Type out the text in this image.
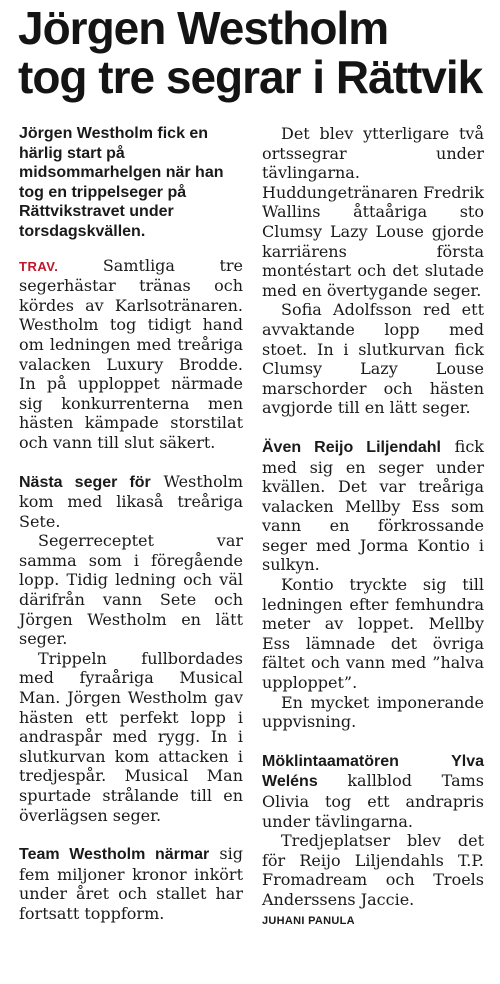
Jörgen Westholm
tog tre segrar i Rättvik

Jörgen Westholm fick en härlig start på midsommarhelgen när han tog en trippelseger på Rättvikstravet under torsdagskvällen.

TRAV.	Samtliga tre segerhästar tränas och kördes av Karlsotränaren. Westholm tog tidigt hand om ledningen med treåriga valacken Luxury Brodde. In på upploppet närmade sig konkurrenterna men hästen kämpade storstilat och vann till slut säkert.

Nästa seger för Westholm kom med likaså treåriga Sete.

Segerreceptet var samma som i föregående lopp. Tidig ledning och väl därifrån vann Sete och Jörgen Westholm en lätt seger.

Trippeln fullbordades med fyraåriga Musical Man. Jörgen Westholm gav hästen ett perfekt lopp i andraspår med rygg. In i slutkurvan kom attacken i tredjespår. Musical Man spurtade strålande till en överlägsen seger.

Team Westholm närmar sig fem miljoner kronor inkört under året och stallet har fortsatt toppform.

Det blev ytterligare två ortssegrar under tävlingarna. Huddungetränaren Fredrik Wallins åttaåriga sto Clumsy Lazy Louse gjorde karriärens första montéstart och det slutade med en övertygande seger.

Sofia Adolfsson red ett avvaktande lopp med stoet. In i slutkurvan fick Clumsy Lazy Louse marschorder och hästen avgjorde till en lätt seger.

Även Reijo Liljendahl fick med sig en seger under kvällen. Det var treåriga valacken Mellby Ess som vann en förkrossande seger med Jorma Kontio i sulkyn.

Kontio tryckte sig till ledningen efter femhundra meter av loppet. Mellby Ess lämnade det övriga fältet och vann med ”halva upploppet”.

En mycket imponerande uppvisning.

Möklintaamatören Ylva Weléns kallblod Tams Olivia tog ett andrapris under tävlingarna.

Tredjeplatser blev det för Reijo Liljendahls T.P. Fromadream och Troels Anderssens Jaccie.

JUHANI PANULA
